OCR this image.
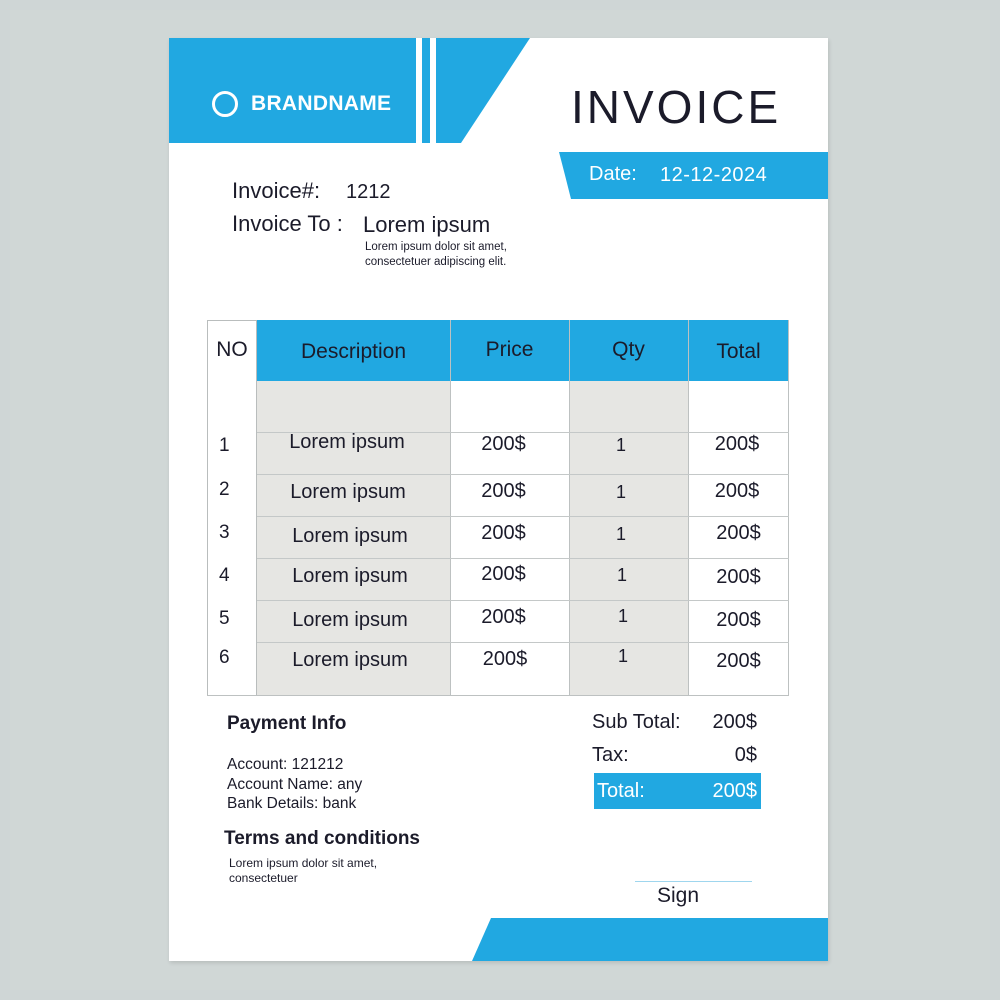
BRANDNAME	INVOICE
Date: 12-12-2024
Invoice#: 1212
Invoice To : Lorem ipsum
Lorem ipsum dolor sit amet, consectetuer adipiscing elit.
NO	Description	Price	Qty	Total
1	Lorem ipsum	200$	1	200$
2	Lorem ipsum	200$	1	200$
3	Lorem ipsum	200$	1	200$
4	Lorem ipsum	200$	1	200$
5	Lorem ipsum	200$	1	200$
6	Lorem ipsum	200$	1	200$
Payment Info
Account: 121212
Account Name: any
Bank Details: bank
Terms and conditions
Lorem ipsum dolor sit amet, consectetuer
Sub Total:	200$
Tax:	0$
Total:	200$
Sign
